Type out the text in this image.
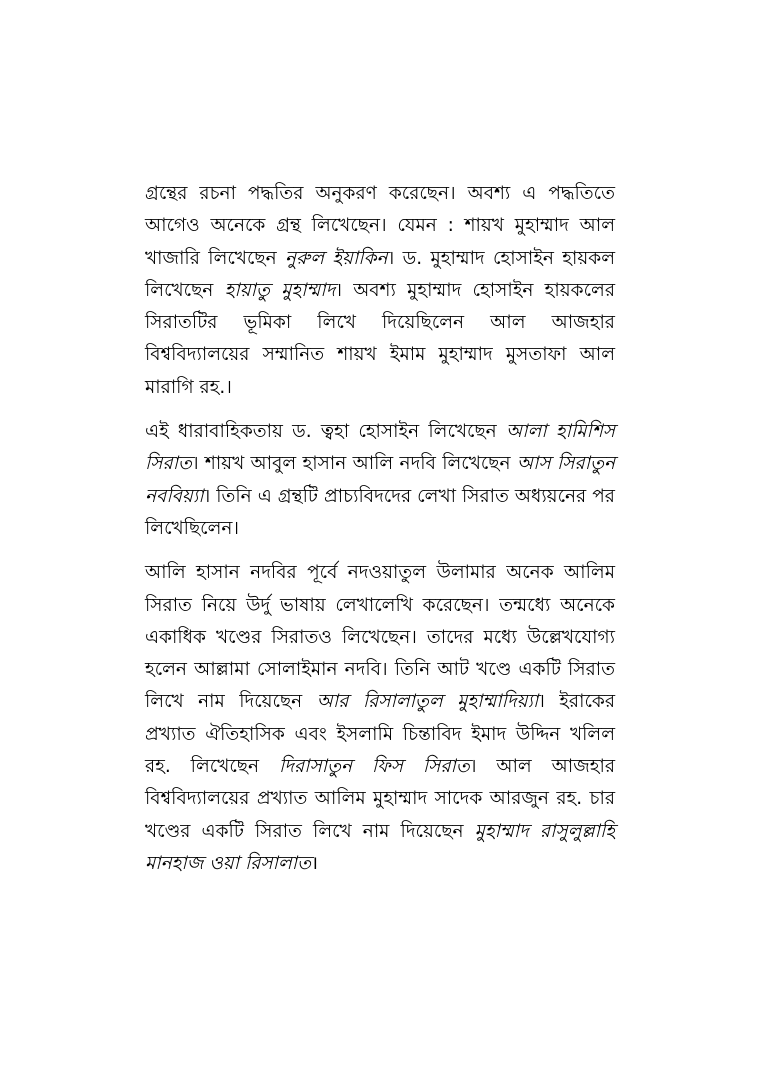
গ্রন্থের রচনা পদ্ধতির অনুকরণ করেছেন। অবশ্য এ পদ্ধতিতে আগেও অনেকে গ্রন্থ লিখেছেন। যেমন : শায়খ মুহাম্মাদ আল খাজারি লিখেছেন নুরুল ইয়াকিন। ড. মুহাম্মাদ হোসাইন হায়কল লিখেছেন হায়াতু মুহাম্মাদ। অবশ্য মুহাম্মাদ হোসাইন হায়কলের সিরাতটির ভূমিকা লিখে দিয়েছিলেন আল আজহার বিশ্ববিদ্যালয়ের সম্মানিত শায়খ ইমাম মুহাম্মাদ মুসতাফা আল মারাগি রহ.।

এই ধারাবাহিকতায় ড. ত্বহা হোসাইন লিখেছেন আলা হামিশিস সিরাত। শায়খ আবুল হাসান আলি নদবি লিখেছেন আস সিরাতুন নববিয়্যা। তিনি এ গ্রন্থটি প্রাচ্যবিদদের লেখা সিরাত অধ্যয়নের পর লিখেছিলেন।

আলি হাসান নদবির পূর্বে নদওয়াতুল উলামার অনেক আলিম সিরাত নিয়ে উর্দু ভাষায় লেখালেখি করেছেন। তন্মধ্যে অনেকে একাধিক খণ্ডের সিরাতও লিখেছেন। তাদের মধ্যে উল্লেখযোগ্য হলেন আল্লামা সোলাইমান নদবি। তিনি আট খণ্ডে একটি সিরাত লিখে নাম দিয়েছেন আর রিসালাতুল মুহাম্মাদিয়্যা। ইরাকের প্রখ্যাত ঐতিহাসিক এবং ইসলামি চিন্তাবিদ ইমাদ উদ্দিন খলিল রহ. লিখেছেন দিরাসাতুন ফিস সিরাত। আল আজহার বিশ্ববিদ্যালয়ের প্রখ্যাত আলিম মুহাম্মাদ সাদেক আরজুন রহ. চার খণ্ডের একটি সিরাত লিখে নাম দিয়েছেন মুহাম্মাদ রাসুলুল্লাহি মানহাজ ওয়া রিসালাত।
